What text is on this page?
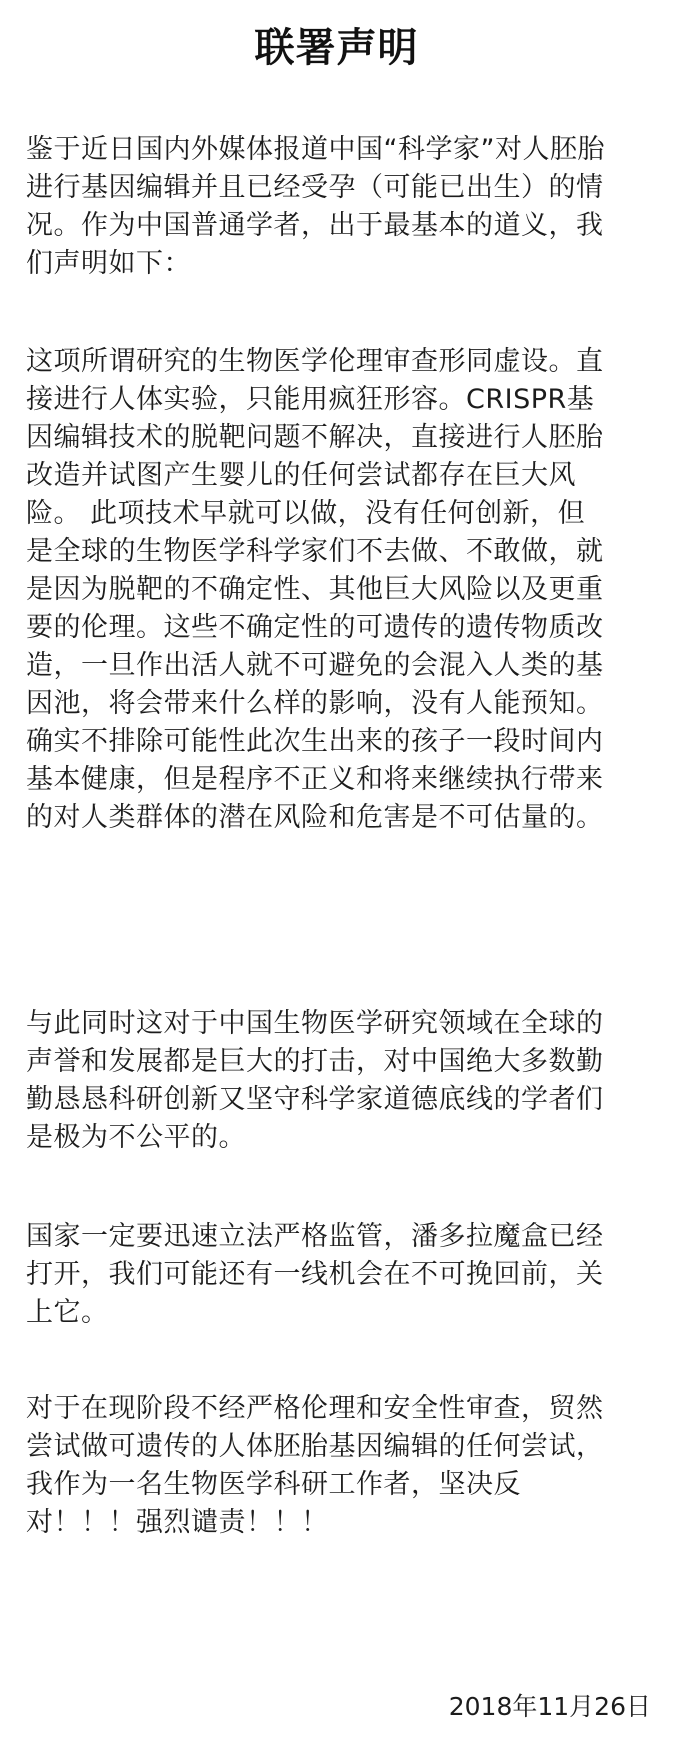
联署声明

鉴于近日国内外媒体报道中国“科学家”对人胚胎
进行基因编辑并且已经受孕（可能已出生）的情
况。作为中国普通学者，出于最基本的道义，我
们声明如下：

这项所谓研究的生物医学伦理审查形同虚设。直
接进行人体实验，只能用疯狂形容。CRISPR基
因编辑技术的脱靶问题不解决，直接进行人胚胎
改造并试图产生婴儿的任何尝试都存在巨大风
险。 此项技术早就可以做，没有任何创新，但
是全球的生物医学科学家们不去做、不敢做，就
是因为脱靶的不确定性、其他巨大风险以及更重
要的伦理。这些不确定性的可遗传的遗传物质改
造，一旦作出活人就不可避免的会混入人类的基
因池，将会带来什么样的影响，没有人能预知。
确实不排除可能性此次生出来的孩子一段时间内
基本健康，但是程序不正义和将来继续执行带来
的对人类群体的潜在风险和危害是不可估量的。

与此同时这对于中国生物医学研究领域在全球的
声誉和发展都是巨大的打击，对中国绝大多数勤
勤恳恳科研创新又坚守科学家道德底线的学者们
是极为不公平的。

国家一定要迅速立法严格监管，潘多拉魔盒已经
打开，我们可能还有一线机会在不可挽回前，关
上它。

对于在现阶段不经严格伦理和安全性审查，贸然
尝试做可遗传的人体胚胎基因编辑的任何尝试，
我作为一名生物医学科研工作者，坚决反
对！！！强烈谴责！！！

2018年11月26日
